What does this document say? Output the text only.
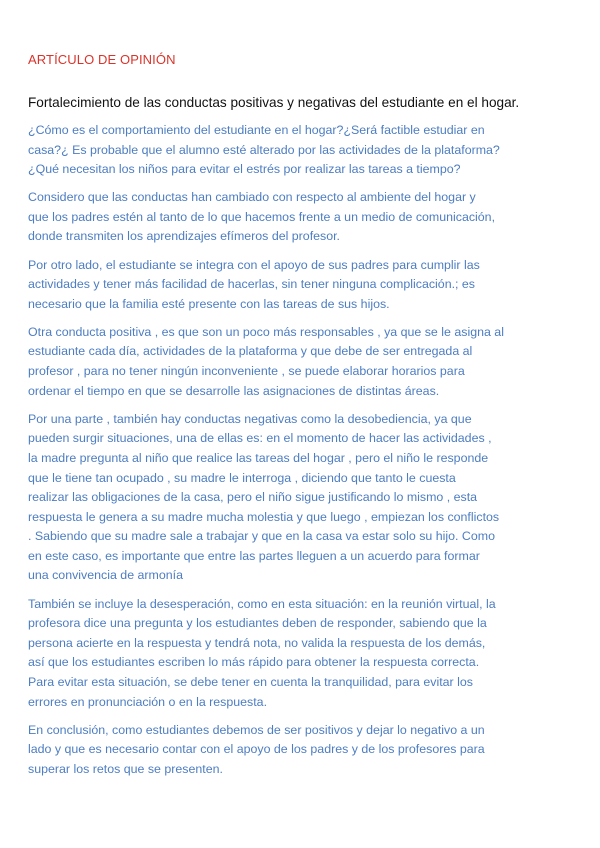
ARTÍCULO DE OPINIÓN
Fortalecimiento de las conductas positivas y negativas del estudiante en el hogar.

¿Cómo es el comportamiento del estudiante en el hogar?¿Será factible estudiar en
casa?¿ Es probable que el alumno esté alterado por las actividades de la plataforma?
¿Qué necesitan los niños para evitar el estrés por realizar las tareas a tiempo?

Considero que las conductas han cambiado con respecto al ambiente del hogar y
que los padres estén al tanto de lo que hacemos frente a un medio de comunicación,
donde transmiten los aprendizajes efímeros del profesor.

Por otro lado, el estudiante se integra con el apoyo de sus padres para cumplir las
actividades y tener más facilidad de hacerlas, sin tener ninguna complicación.; es
necesario que la familia esté presente con las tareas de sus hijos.

Otra conducta positiva , es que son un poco más responsables , ya que se le asigna al
estudiante cada día, actividades de la plataforma y que debe de ser entregada al
profesor , para no tener ningún inconveniente , se puede elaborar horarios para
ordenar el tiempo en que se desarrolle las asignaciones de distintas áreas.

Por una parte , también hay conductas negativas como la desobediencia, ya que
pueden surgir situaciones, una de ellas es: en el momento de hacer las actividades ,
la madre pregunta al niño que realice las tareas del hogar , pero el niño le responde
que le tiene tan ocupado , su madre le interroga , diciendo que tanto le cuesta
realizar las obligaciones de la casa, pero el niño sigue justificando lo mismo , esta
respuesta le genera a su madre mucha molestia y que luego , empiezan los conflictos
. Sabiendo que su madre sale a trabajar y que en la casa va estar solo su hijo. Como
en este caso, es importante que entre las partes lleguen a un acuerdo para formar
una convivencia de armonía

También se incluye la desesperación, como en esta situación: en la reunión virtual, la
profesora dice una pregunta y los estudiantes deben de responder, sabiendo que la
persona acierte en la respuesta y tendrá nota, no valida la respuesta de los demás,
así que los estudiantes escriben lo más rápido para obtener la respuesta correcta.
Para evitar esta situación, se debe tener en cuenta la tranquilidad, para evitar los
errores en pronunciación o en la respuesta.

En conclusión, como estudiantes debemos de ser positivos y dejar lo negativo a un
lado y que es necesario contar con el apoyo de los padres y de los profesores para
superar los retos que se presenten.
